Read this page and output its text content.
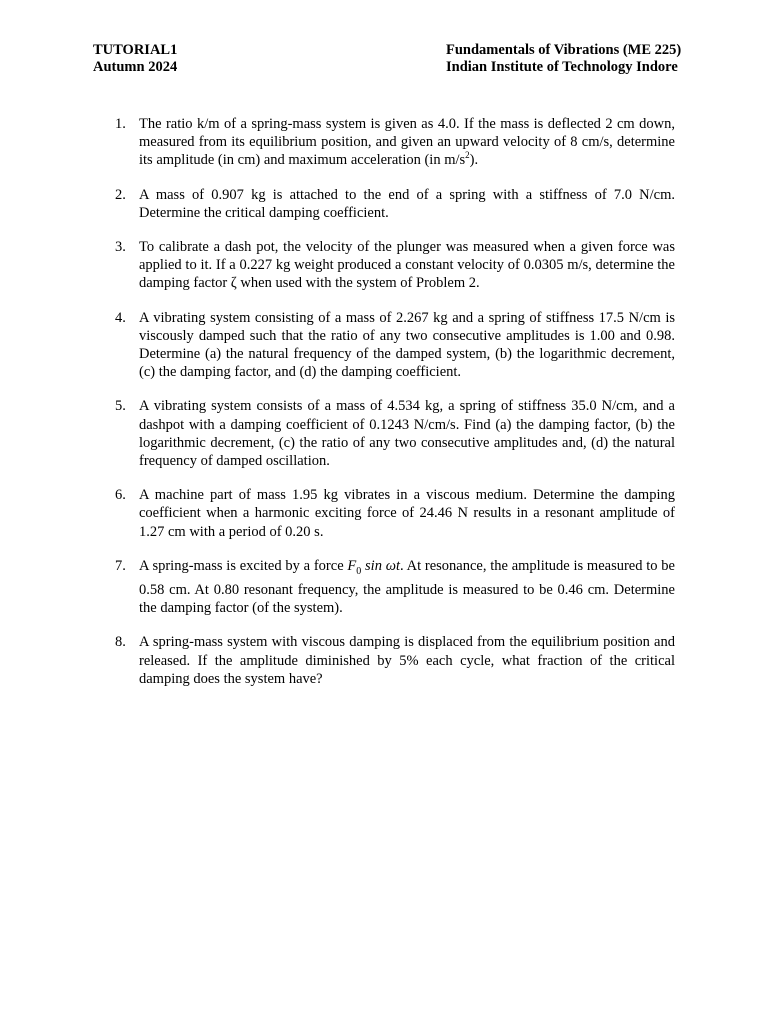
TUTORIAL1
Autumn 2024
Fundamentals of Vibrations (ME 225)
Indian Institute of Technology Indore
1. The ratio k/m of a spring-mass system is given as 4.0. If the mass is deflected 2 cm down, measured from its equilibrium position, and given an upward velocity of 8 cm/s, determine its amplitude (in cm) and maximum acceleration (in $m/s^2$).
2. A mass of 0.907 kg is attached to the end of a spring with a stiffness of 7.0 N/cm. Determine the critical damping coefficient.
3. To calibrate a dash pot, the velocity of the plunger was measured when a given force was applied to it. If a 0.227 kg weight produced a constant velocity of 0.0305 m/s, determine the damping factor ζ when used with the system of Problem 2.
4. A vibrating system consisting of a mass of 2.267 kg and a spring of stiffness 17.5 N/cm is viscously damped such that the ratio of any two consecutive amplitudes is 1.00 and 0.98. Determine (a) the natural frequency of the damped system, (b) the logarithmic decrement, (c) the damping factor, and (d) the damping coefficient.
5. A vibrating system consists of a mass of 4.534 kg, a spring of stiffness 35.0 N/cm, and a dashpot with a damping coefficient of 0.1243 N/cm/s. Find (a) the damping factor, (b) the logarithmic decrement, (c) the ratio of any two consecutive amplitudes and, (d) the natural frequency of damped oscillation.
6. A machine part of mass 1.95 kg vibrates in a viscous medium. Determine the damping coefficient when a harmonic exciting force of 24.46 N results in a resonant amplitude of 1.27 cm with a period of 0.20 s.
7. A spring-mass is excited by a force $F_0$ sin ωt. At resonance, the amplitude is measured to be 0.58 cm. At 0.80 resonant frequency, the amplitude is measured to be 0.46 cm. Determine the damping factor (of the system).
8. A spring-mass system with viscous damping is displaced from the equilibrium position and released. If the amplitude diminished by 5% each cycle, what fraction of the critical damping does the system have?
